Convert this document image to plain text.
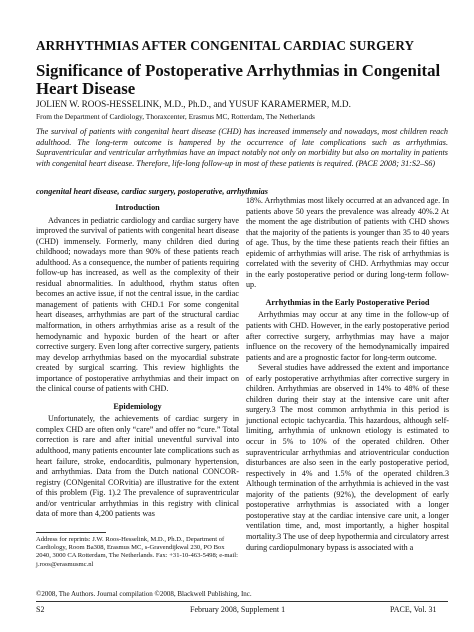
ARRHYTHMIAS AFTER CONGENITAL CARDIAC SURGERY
Significance of Postoperative Arrhythmias in Congenital Heart Disease
JOLIEN W. ROOS-HESSELINK, M.D., Ph.D., and YUSUF KARAMERMER, M.D.
From the Department of Cardiology, Thoraxcenter, Erasmus MC, Rotterdam, The Netherlands
The survival of patients with congenital heart disease (CHD) has increased immensely and nowadays, most children reach adulthood. The long-term outcome is hampered by the occurrence of late complications such as arrhythmias. Supraventricular and ventricular arrhythmias have an impact notably not only on morbidity but also on mortality in patients with congenital heart disease. Therefore, life-long follow-up in most of these patients is required. (PACE 2008; 31:S2–S6)
congenital heart disease, cardiac surgery, postoperative, arrhythmias
Introduction

Advances in pediatric cardiology and cardiac surgery have improved the survival of patients with congenital heart disease (CHD) immensely. Formerly, many children died during childhood; nowadays more than 90% of these patients reach adulthood. As a consequence, the number of patients requiring follow-up has increased, as well as the complexity of their residual abnormalities. In adulthood, rhythm status often becomes an active issue, if not the central issue, in the cardiac management of patients with CHD.1 For some congenital heart diseases, arrhythmias are part of the structural cardiac malformation, in others arrhythmias arise as a result of the hemodynamic and hypoxic burden of the heart or after corrective surgery. Even long after corrective surgery, patients may develop arrhythmias based on the myocardial substrate created by surgical scarring. This review highlights the importance of postoperative arrhythmias and their impact on the clinical course of patients with CHD.

Epidemiology

Unfortunately, the achievements of cardiac surgery in complex CHD are often only “care” and offer no “cure.” Total correction is rare and after initial uneventful survival into adulthood, many patients encounter late complications such as heart failure, stroke, endocarditis, pulmonary hypertension, and arrhythmias. Data from the Dutch national CONCOR-registry (CONgenital CORvitia) are illustrative for the extent of this problem (Fig. 1).2 The prevalence of supraventricular and/or ventricular arrhythmias in this registry with clinical data of more than 4,200 patients was

18%. Arrhythmias most likely occurred at an advanced age. In patients above 50 years the prevalence was already 40%.2 At the moment the age distribution of patients with CHD shows that the majority of the patients is younger than 35 to 40 years of age. Thus, by the time these patients reach their fifties an epidemic of arrhythmias will arise. The risk of arrhythmias is correlated with the severity of CHD. Arrhythmias may occur in the early postoperative period or during long-term follow-up.

Arrhythmias in the Early Postoperative Period

Arrhythmias may occur at any time in the follow-up of patients with CHD. However, in the early postoperative period after corrective surgery, arrhythmias may have a major influence on the recovery of the hemodynamically impaired patients and are a prognostic factor for long-term outcome.

Several studies have addressed the extent and importance of early postoperative arrhythmias after corrective surgery in children. Arrhythmias are observed in 14% to 48% of these children during their stay at the intensive care unit after surgery.3 The most common arrhythmia in this period is junctional ectopic tachycardia. This hazardous, although self-limiting, arrhythmia of unknown etiology is estimated to occur in 5% to 10% of the operated children. Other supraventricular arrhythmias and atrioventricular conduction disturbances are also seen in the early postoperative period, respectively in 4% and 1.5% of the operated children.3 Although termination of the arrhythmia is achieved in the vast majority of the patients (92%), the development of early postoperative arrhythmias is associated with a longer postoperative stay at the cardiac intensive care unit, a longer ventilation time, and, most importantly, a higher hospital mortality.3 The use of deep hypothermia and circulatory arrest during cardiopulmonary bypass is associated with a

Address for reprints: J.W. Roos-Hesselink, M.D., Ph.D., Department of Cardiology, Room Ba308, Erasmus MC, s-Gravendijkwal 230, PO Box 2040, 3000 CA Rotterdam, The Netherlands. Fax: +31-10-463-5498; e-mail: j.roos@erasmusmc.nl
©2008, The Authors. Journal compilation ©2008, Blackwell Publishing, Inc.
S2	February 2008, Supplement 1	PACE, Vol. 31
